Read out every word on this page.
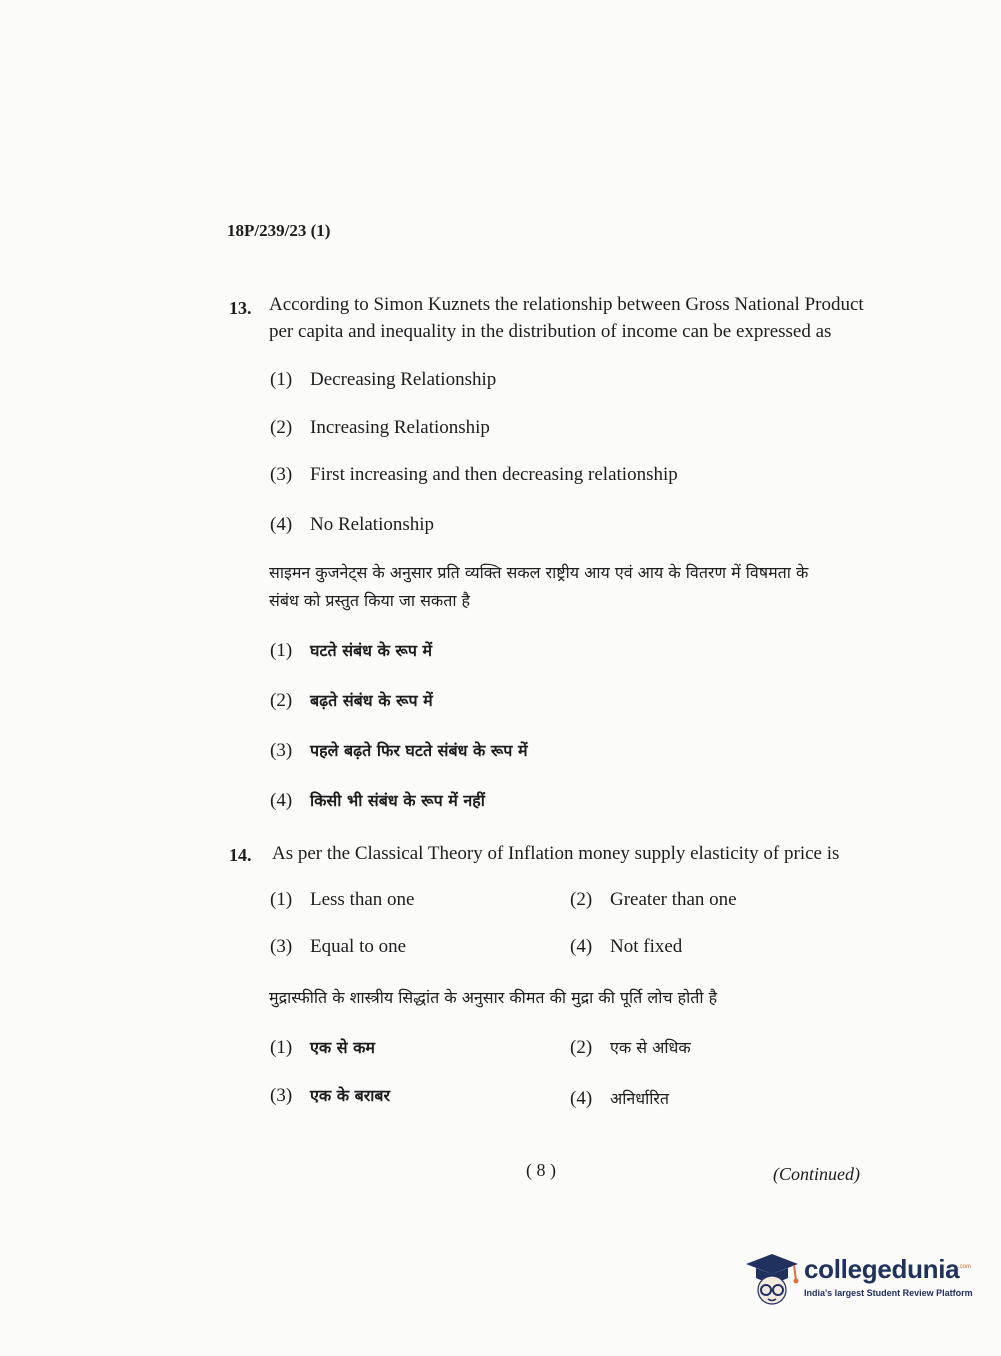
18P/239/23 (1)
13. According to Simon Kuznets the relationship between Gross National Product
per capita and inequality in the distribution of income can be expressed as
(1) Decreasing Relationship
(2) Increasing Relationship
(3) First increasing and then decreasing relationship
(4) No Relationship
साइमन कुजनेट्स के अनुसार प्रति व्यक्ति सकल राष्ट्रीय आय एवं आय के वितरण में विषमता के
संबंध को प्रस्तुत किया जा सकता है
(1) घटते संबंध के रूप में
(2) बढ़ते संबंध के रूप में
(3) पहले बढ़ते फिर घटते संबंध के रूप में
(4) किसी भी संबंध के रूप में नहीं
14. As per the Classical Theory of Inflation money supply elasticity of price is
(1) Less than one	(2) Greater than one
(3) Equal to one	(4) Not fixed
मुद्रास्फीति के शास्त्रीय सिद्धांत के अनुसार कीमत की मुद्रा की पूर्ति लोच होती है
(1) एक से कम	(2) एक से अधिक
(3) एक के बराबर	(4) अनिर्धारित
( 8 )	(Continued)
collegedunia
.com
India's largest Student Review Platform
